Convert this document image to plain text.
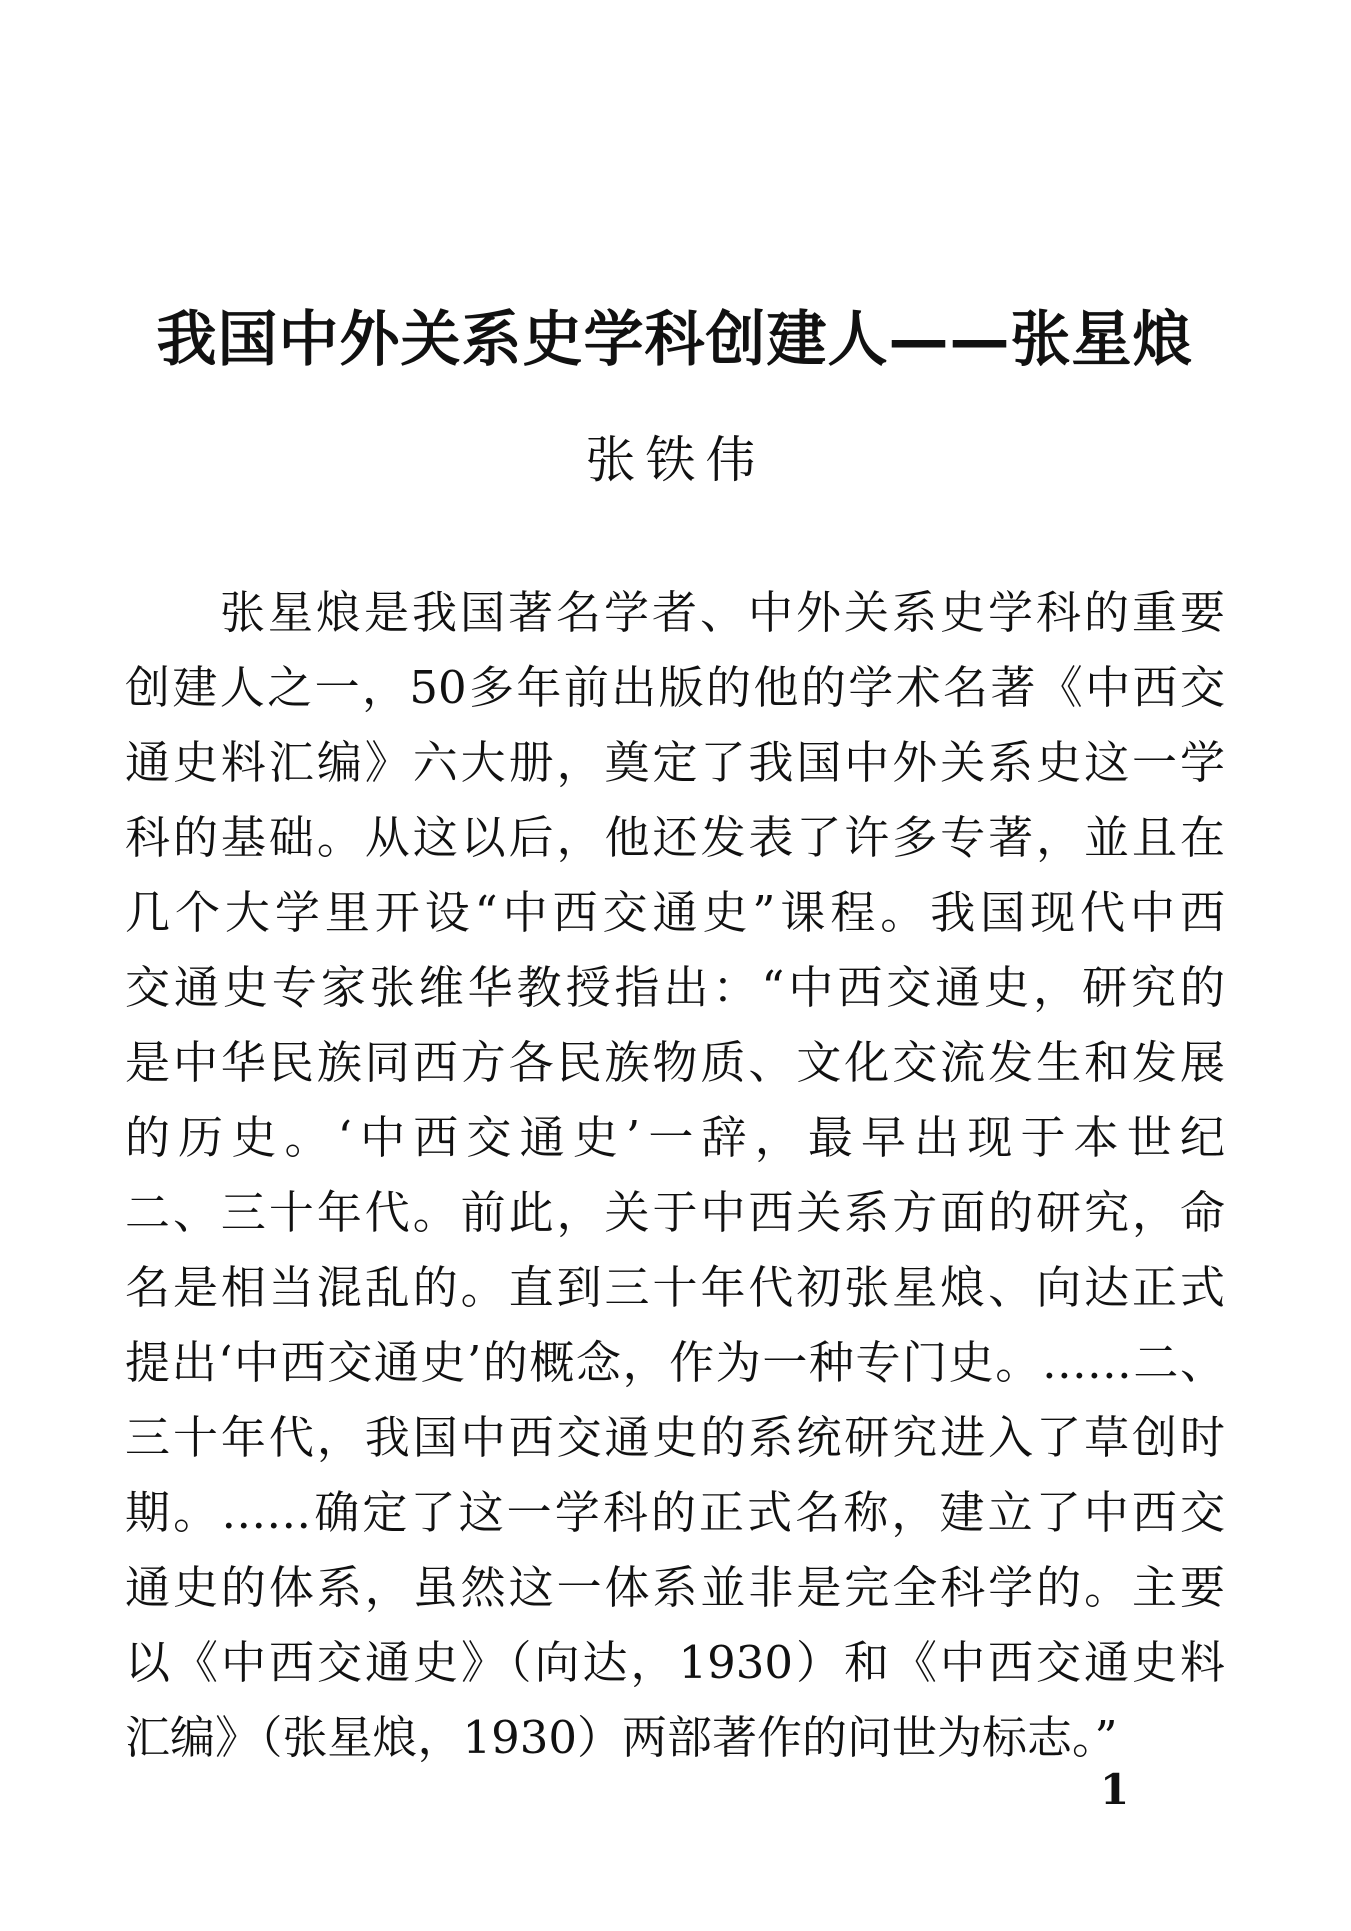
我国中外关系史学科创建人——张星烺
张铁伟
张星烺是我国著名学者、中外关系史学科的重要
创建人之一，50多年前出版的他的学术名著《中西交
通史料汇编》六大册，奠定了我国中外关系史这一学
科的基础。从这以后，他还发表了许多专著，並且在
几个大学里开设“中西交通史”课程。我国现代中西
交通史专家张维华教授指出：“中西交通史，研究的
是中华民族同西方各民族物质、文化交流发生和发展
的历史。‘中西交通史’一辞，最早出现于本世纪
二、三十年代。前此，关于中西关系方面的研究，命
名是相当混乱的。直到三十年代初张星烺、向达正式
提出‘中西交通史’的概念，作为一种专门史。……二、
三十年代，我国中西交通史的系统研究进入了草创时
期。……确定了这一学科的正式名称，建立了中西交
通史的体系，虽然这一体系並非是完全科学的。主要
以《中西交通史》（向达，1930）和《中西交通史料
汇编》（张星烺，1930）两部著作的问世为标志。”
1
